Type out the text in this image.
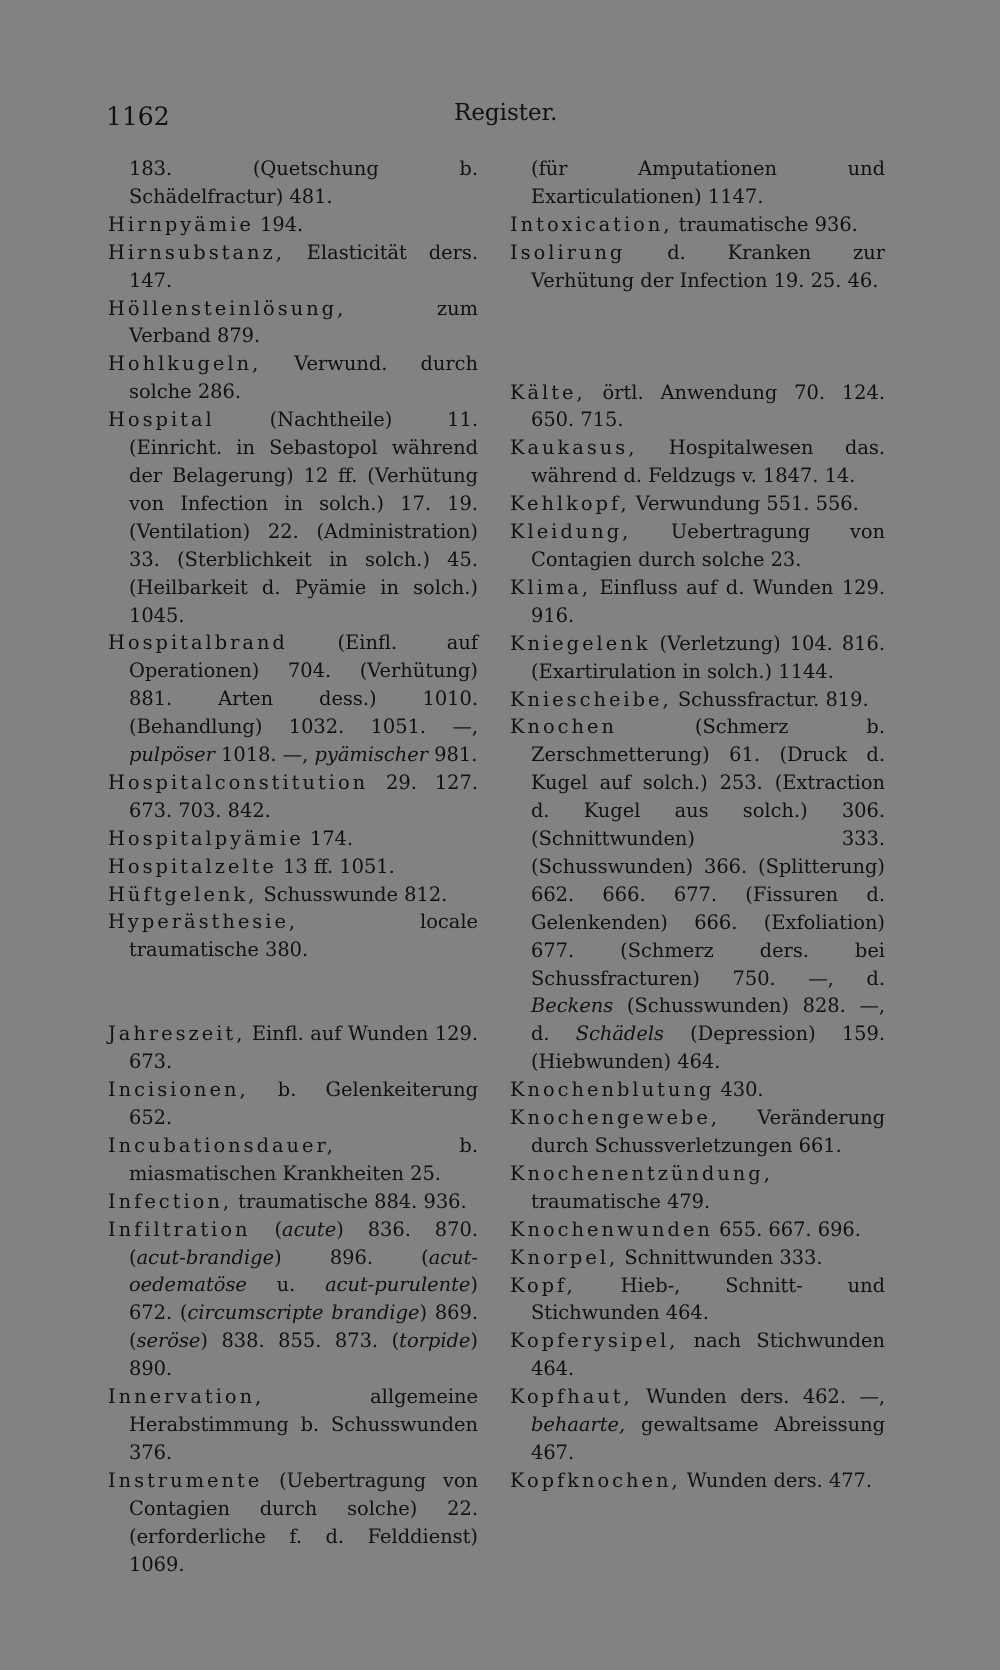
1162	Register.

183. (Quetschung b. Schädelfractur) 481.

Hirnpyämie 194.

Hirnsubstanz, Elasticität ders. 147.

Höllensteinlösung, zum Verband 879.

Hohlkugeln, Verwund. durch solche 286.

Hospital (Nachtheile) 11. (Einricht. in Sebastopol während der Belagerung) 12 ff. (Verhütung von Infection in solch.) 17. 19. (Ventilation) 22. (Administration) 33. (Sterblichkeit in solch.) 45. (Heilbarkeit d. Pyämie in solch.) 1045.

Hospitalbrand (Einfl. auf Operationen) 704. (Verhütung) 881. Arten dess.) 1010. (Behandlung) 1032. 1051. —, pulpöser 1018. —, pyämischer 981.

Hospitalconstitution 29. 127. 673. 703. 842.

Hospitalpyämie 174.

Hospitalzelte 13 ff. 1051.

Hüftgelenk, Schusswunde 812.

Hyperästhesie, locale traumatische 380.

Jahreszeit, Einfl. auf Wunden 129. 673.

Incisionen, b. Gelenkeiterung 652.

Incubationsdauer, b. miasmatischen Krankheiten 25.

Infection, traumatische 884. 936.

Infiltration (acute) 836. 870. (acut-brandige) 896. (acut-oedematöse u. acut-purulente) 672. (circumscripte brandige) 869. (seröse) 838. 855. 873. (torpide) 890.

Innervation, allgemeine Herabstimmung b. Schusswunden 376.

Instrumente (Uebertragung von Contagien durch solche) 22. (erforderliche f. d. Felddienst) 1069.

(für Amputationen und Exarticulationen) 1147.

Intoxication, traumatische 936.

Isolirung d. Kranken zur Verhütung der Infection 19. 25. 46.

Kälte, örtl. Anwendung 70. 124. 650. 715.

Kaukasus, Hospitalwesen das. während d. Feldzugs v. 1847. 14.

Kehlkopf, Verwundung 551. 556.

Kleidung, Uebertragung von Contagien durch solche 23.

Klima, Einfluss auf d. Wunden 129. 916.

Kniegelenk (Verletzung) 104. 816. (Exartirulation in solch.) 1144.

Kniescheibe, Schussfractur. 819.

Knochen (Schmerz b. Zerschmetterung) 61. (Druck d. Kugel auf solch.) 253. (Extraction d. Kugel aus solch.) 306. (Schnittwunden) 333. (Schusswunden) 366. (Splitterung) 662. 666. 677. (Fissuren d. Gelenkenden) 666. (Exfoliation) 677. (Schmerz ders. bei Schussfracturen) 750. —, d. Beckens (Schusswunden) 828. —, d. Schädels (Depression) 159. (Hiebwunden) 464.

Knochenblutung 430.

Knochengewebe, Veränderung durch Schussverletzungen 661.

Knochenentzündung, traumatische 479.

Knochenwunden 655. 667. 696.

Knorpel, Schnittwunden 333.

Kopf, Hieb-, Schnitt- und Stichwunden 464.

Kopferysipel, nach Stichwunden 464.

Kopfhaut, Wunden ders. 462. —, behaarte, gewaltsame Abreissung 467.

Kopfknochen, Wunden ders. 477.
